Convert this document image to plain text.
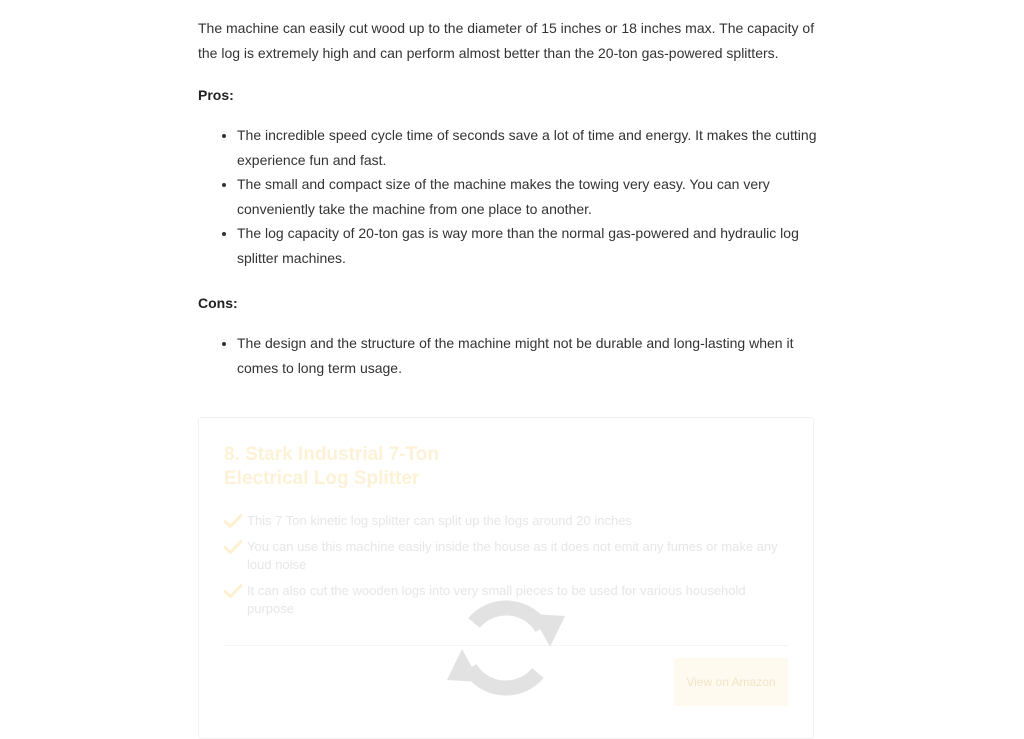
The machine can easily cut wood up to the diameter of 15 inches or 18 inches max. The capacity of the log is extremely high and can perform almost better than the 20-ton gas-powered splitters.

Pros:

• The incredible speed cycle time of seconds save a lot of time and energy. It makes the cutting experience fun and fast.
• The small and compact size of the machine makes the towing very easy. You can very conveniently take the machine from one place to another.
• The log capacity of 20-ton gas is way more than the normal gas-powered and hydraulic log splitter machines.

Cons:

• The design and the structure of the machine might not be durable and long-lasting when it comes to long term usage.
8. Stark Industrial 7-Ton Electrical Log Splitter
This 7 Ton kinetic log splitter can split up the logs around 20 inches
You can use this machine easily inside the house as it does not emit any fumes or make any loud noise
It can also cut the wooden logs into very small pieces to be used for various household purpose
View on Amazon
